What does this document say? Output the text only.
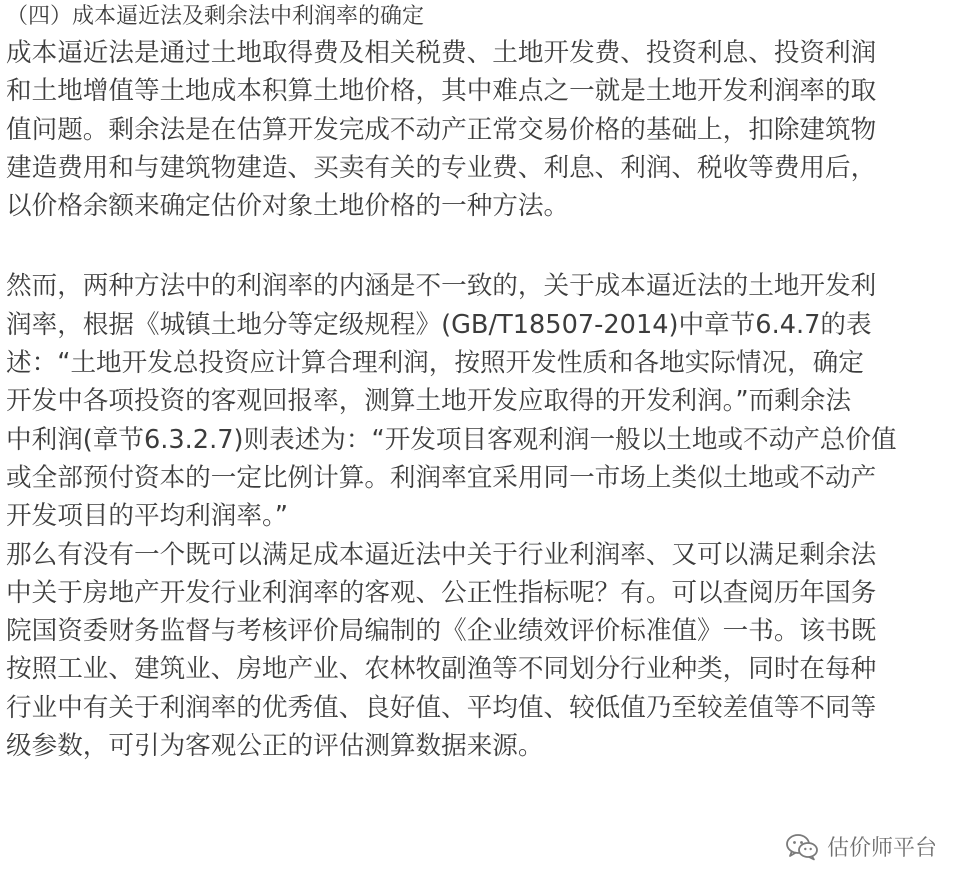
（四）成本逼近法及剩余法中利润率的确定

成本逼近法是通过土地取得费及相关税费、土地开发费、投资利息、投资利润

和土地增值等土地成本积算土地价格，其中难点之一就是土地开发利润率的取

值问题。剩余法是在估算开发完成不动产正常交易价格的基础上，扣除建筑物

建造费用和与建筑物建造、买卖有关的专业费、利息、利润、税收等费用后，

以价格余额来确定估价对象土地价格的一种方法。

然而，两种方法中的利润率的内涵是不一致的，关于成本逼近法的土地开发利

润率，根据《城镇土地分等定级规程》(GB/T18507-2014)中章节6.4.7的表

述：“土地开发总投资应计算合理利润，按照开发性质和各地实际情况，确定

开发中各项投资的客观回报率，测算土地开发应取得的开发利润。”而剩余法

中利润(章节6.3.2.7)则表述为：“开发项目客观利润一般以土地或不动产总价值

或全部预付资本的一定比例计算。利润率宜采用同一市场上类似土地或不动产

开发项目的平均利润率。”

那么有没有一个既可以满足成本逼近法中关于行业利润率、又可以满足剩余法

中关于房地产开发行业利润率的客观、公正性指标呢？有。可以查阅历年国务

院国资委财务监督与考核评价局编制的《企业绩效评价标准值》一书。该书既

按照工业、建筑业、房地产业、农林牧副渔等不同划分行业种类，同时在每种

行业中有关于利润率的优秀值、良好值、平均值、较低值乃至较差值等不同等

级参数，可引为客观公正的评估测算数据来源。

估价师平台
